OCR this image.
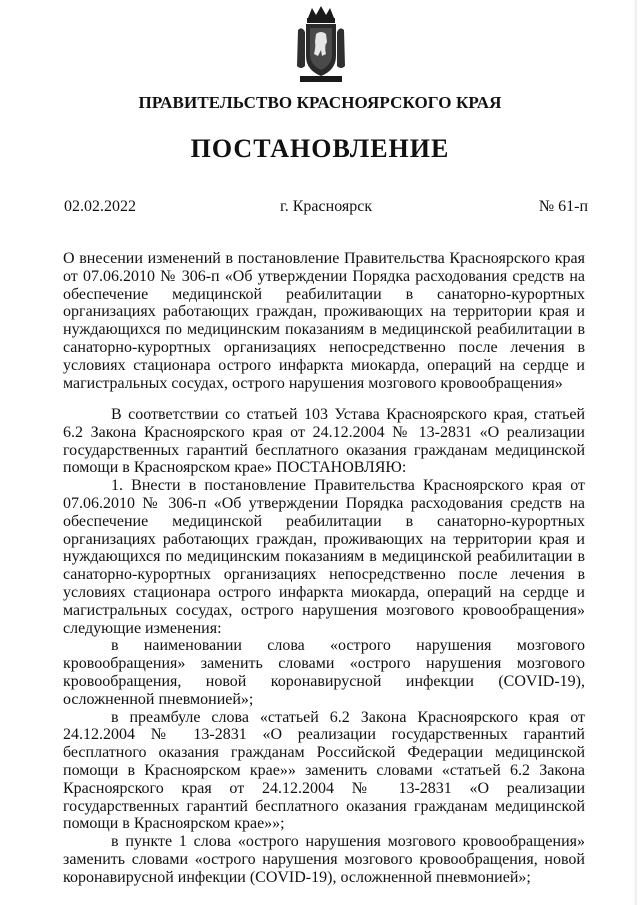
ПРАВИТЕЛЬСТВО КРАСНОЯРСКОГО КРАЯ
ПОСТАНОВЛЕНИЕ
02.02.2022	г. Красноярск	№ 61-п

О внесении изменений в постановление Правительства Красноярского края от 07.06.2010 № 306-п «Об утверждении Порядка расходования средств на обеспечение медицинской реабилитации в санаторно-курортных организациях работающих граждан, проживающих на территории края и нуждающихся по медицинским показаниям в медицинской реабилитации в санаторно-курортных организациях непосредственно после лечения в условиях стационара острого инфаркта миокарда, операций на сердце и магистральных сосудах, острого нарушения мозгового кровообращения»

В соответствии со статьей 103 Устава Красноярского края, статьей 6.2 Закона Красноярского края от 24.12.2004 № 13-2831 «О реализации государственных гарантий бесплатного оказания гражданам медицинской помощи в Красноярском крае» ПОСТАНОВЛЯЮ:

1. Внести в постановление Правительства Красноярского края от 07.06.2010 № 306-п «Об утверждении Порядка расходования средств на обеспечение медицинской реабилитации в санаторно-курортных организациях работающих граждан, проживающих на территории края и нуждающихся по медицинским показаниям в медицинской реабилитации в санаторно-курортных организациях непосредственно после лечения в условиях стационара острого инфаркта миокарда, операций на сердце и магистральных сосудах, острого нарушения мозгового кровообращения» следующие изменения:

в наименовании слова «острого нарушения мозгового кровообращения» заменить словами «острого нарушения мозгового кровообращения, новой коронавирусной инфекции (COVID-19), осложненной пневмонией»;

в преамбуле слова «статьей 6.2 Закона Красноярского края от 24.12.2004 № 13-2831 «О реализации государственных гарантий бесплатного оказания гражданам Российской Федерации медицинской помощи в Красноярском крае»» заменить словами «статьей 6.2 Закона Красноярского края от 24.12.2004 № 13-2831 «О реализации государственных гарантий бесплатного оказания гражданам медицинской помощи в Красноярском крае»»;

в пункте 1 слова «острого нарушения мозгового кровообращения» заменить словами «острого нарушения мозгового кровообращения, новой коронавирусной инфекции (COVID-19), осложненной пневмонией»;
